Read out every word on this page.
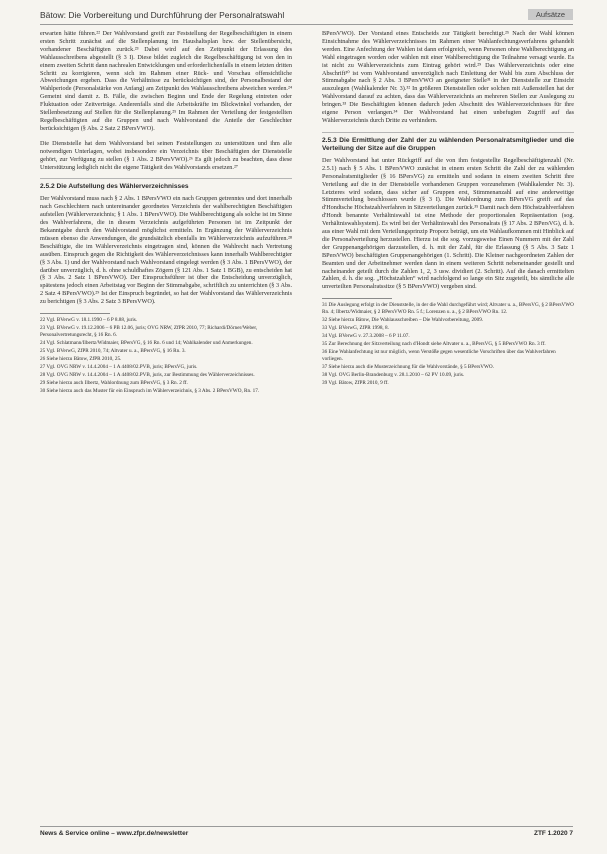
Bätow: Die Vorbereitung und Durchführung der Personalratswahl	Aufsätze

erwarten hätte führen.²² Der Wahlvorstand greift zur Feststellung der Regelbeschäftigten in einem ersten Schritt zunächst auf die Stellenplanung im Haushaltsplan bzw. der Stellenübersicht, vorhandener Beschäftigten zurück.²³ Dabei wird auf den Zeitpunkt der Erlassung des Wahlausschreibens abgestellt (§ 3 I). Diese bildet zugleich die Regelbeschäftigung ist von den in einem zweiten Schritt dann nachrealen Entwicklungen und erforderlichenfalls in einem letzten dritten Schritt zu korrigieren, wenn sich im Rahmen einer Rück- und Vorschau offensichtliche Abweichungen ergeben. Dass die Verhältnisse zu berücksichtigen sind, der Personalbestand der Wahlperiode (Personalstärke von Anfang) am Zeitpunkt des Wahlausschreibens abweichen werden.²⁴ Gemeint sind damit z. B. Fälle, die zwischen Beginn und Ende der Regelung eintreten oder Fluktuation oder Zeitverträge. Anderenfalls sind die Arbeitskräfte im Blickwinkel vorhanden, der Stellenbesetzung auf Stellen für die Stellenplanung.²⁵ Im Rahmen der Verteilung der festgestellten Regelbeschäftigten auf die Gruppen und nach Wahlvorstand die Anteile der Geschlechter berücksichtigen (§ Abs. 2 Satz 2 BPersVWO).

Die Dienststelle hat dem Wahlvorstand bei seinen Feststellungen zu unterstützen und ihm alle notwendigen Unterlagen, wobei insbesondere ein Verzeichnis über Beschäftigten der Dienststelle gehört, zur Verfügung zu stellen (§ 1 Abs. 2 BPersVWO).²⁶ Es gilt jedoch zu beachten, dass diese Unterstützung lediglich nicht die eigene Tätigkeit des Wahlvorstands ersetzen.²⁷

2.5.2 Die Aufstellung des Wählerverzeichnisses

Der Wahlvorstand muss nach § 2 Abs. 1 BPersVWO ein nach Gruppen getrenntes und dort innerhalb nach Geschlechtern nach untereinander geordnetes Verzeichnis der wahlberechtigten Beschäftigten aufstellen (Wählerverzeichnis; § 1 Abs. 1 BPersVWO). Die Wahlberechtigung als solche ist im Sinne des Wahlverfahrens, die in diesem Verzeichnis aufgeführten Personen ist im Zeitpunkt der Bekanntgabe durch den Wahlvorstand möglichst ermitteln. In Ergänzung der Wählerverzeichnis müssen ebenso die Anwendungen, die grundsätzlich ebenfalls im Wählerverzeichnis aufzuführen.²⁸ Beschäftigte, die im Wählerverzeichnis eingetragen sind, können die Wahlrecht nach Vertretung ausüben. Einspruch gegen die Richtigkeit des Wählerverzeichnisses kann innerhalb Wahlberechtigter (§ 3 Abs. 1) und der Wahlvorstand nach Wahlvorstand eingelegt werden (§ 3 Abs. 1 BPersVWO), der darüber unverzüglich, d. h. ohne schuldhaftes Zögern (§ 121 Abs. 1 Satz 1 BGB), zu entscheiden hat (§ 3 Abs. 2 Satz 1 BPersVWO). Der Einspruchsführer ist über die Entscheidung unverzüglich, spätestens jedoch einen Arbeitstag vor Beginn der Stimmabgabe, schriftlich zu unterrichten (§ 3 Abs. 2 Satz 4 BPersVWO).²⁹ Ist der Einspruch begründet, so hat der Wahlvorstand das Wählerverzeichnis zu berichtigen (§ 3 Abs. 2 Satz 3 BPersVWO).

22 Vgl. BVerwG v. 18.1.1990 – 6 P 8.88, juris.
23 Vgl. BVerwG v. 19.12.2006 – 6 PB 12.06, juris; OVG NRW, ZfPR 2010, 77; Richardi/Dörner/Weber, Personalvertretungsrecht, § 16 Rn. 6.
24 Vgl. Schlatmann/Ilbertz/Widmaier, BPersVG, § 16 Rn. 6 und 14; Wahlkalender und Anmerkungen.
25 Vgl. BVerwG, ZfPR 2010, 74; Altvater u. a., BPersVG, § 16 Rn. 3.
26 Siehe hierzu Bätow, ZfPR 2010, 25.
27 Vgl. OVG NRW v. 14.4.2004 – 1 A 4408/02.PVB, juris; BPersVG, juris.
28 Vgl. OVG NRW v. 14.4.2004 – 1 A 4408/02.PVB, juris, zur Bestimmung des Wählerverzeichnisses.
29 Siehe hierzu auch Ilbertz, Wahlordnung zum BPersVG, § 3 Rn. 2 ff.
30 Siehe hierzu auch das Muster für ein Einspruch im Wählerverzeichnis, § 3 Abs. 2 BPersVWO, Rn. 17.

BPersVWO). Der Vorstand eines Entscheids zur Tätigkeit berechtigt.²⁵ Nach der Wahl können Einsichtnahme des Wählerverzeichnisses im Rahmen einer Wahlanfechtungsverfahrens gehandelt werden. Eine Anfechtung der Wahlen ist dann erfolgreich, wenn Personen ohne Wahlberechtigung an Wahl eingetragen worden oder wählen mit einer Wahlberechtigung die Teilnahme versagt wurde. Es ist nicht zu Wählerverzeichnis zum Eintrag gehört wird.²⁹ Das Wählerverzeichnis oder eine Abschrift³⁰ ist vom Wahlvorstand unverzüglich nach Einleitung der Wahl bis zum Abschluss der Stimmabgabe nach § 2 Abs. 3 BPersVWO an geeigneter Stelle³¹ in der Dienststelle zur Einsicht auszulegen (Wahlkalender Nr. 3).³² In größeren Dienststellen oder solchen mit Außenstellen hat der Wahlvorstand darauf zu achten, dass das Wählerverzeichnis an mehreren Stellen zur Auslegung zu bringen.³³ Die Beschäftigten können dadurch jeden Abschnitt des Wählerverzeichnisses für ihre eigene Person verlangen.³⁴ Der Wahlvorstand hat einen unbefugten Zugriff auf das Wählerverzeichnis durch Dritte zu verhindern.

2.5.3 Die Ermittlung der Zahl der zu wählenden Personalratsmitglieder und die Verteilung der Sitze auf die Gruppen

Der Wahlvorstand hat unter Rückgriff auf die von ihm festgestellte Regelbeschäftigtenzahl (Nr. 2.5.1) nach § 5 Abs. 1 BPersVWO zunächst in einem ersten Schritt die Zahl der zu wählenden Personalratsmitglieder (§ 16 BPersVG) zu ermitteln und sodann in einem zweiten Schritt ihre Verteilung auf die in der Dienststelle vorhandenen Gruppen vorzunehmen (Wahlkalender Nr. 3). Letzteres wird sodann, dass sicher auf Gruppen erst, Stimmenanzahl auf eine anderweitige Stimmverteilung beschlossen wurde (§ 3 I). Die Wahlordnung zum BPersVG greift auf das d'Hondtsche Höchstzahlverfahren in Sitzverteilungen zurück.³⁵ Damit nach dem Höchstzahlverfahren d'Hondt benannte Verhältniswahl ist eine Methode der proportionalen Repräsentation (sog. Verhältniswahlsystem). Es wird bei der Verhältniswahl des Personalrats (§ 17 Abs. 2 BPersVG), d. h. aus einer Wahl mit dem Verteilungsprinzip Proporz beträgt, um ein Wahlaufkommen mit Hinblick auf die Personalverteilung herzustellen. Hierzu ist die sog. vorzugsweise Einen Nummern mit der Zahl der Gruppenangehörigen darzustellen, d. h. mit der Zahl, für die Erlassung (§ 5 Abs. 3 Satz 1 BPersVWO) beschäftigten Gruppenangehörigen (1. Schritt). Die Kleiner nachgeordneten Zahlen der Beamten und der Arbeitnehmer werden dann in einem weiteren Schritt nebeneinander gestellt und nacheinander geteilt durch die Zahlen 1, 2, 3 usw. dividiert (2. Schritt). Auf die danach ermittelten Zahlen, d. h. die sog. „Höchstzahlen“ wird nachfolgend so lange ein Sitz zugeteilt, bis sämtliche alle unverteilten Personalratssitze (§ 5 BPersVWO) vergeben sind.

31 Die Auslegung erfolgt in der Dienststelle, in der die Wahl durchgeführt wird; Altvater u. a., BPersVG, § 2 BPersVWO Rn. 4; Ilbertz/Widmaier, § 2 BPersVWO Rn. 5 f.; Lorenzen u. a., § 2 BPersVWO Rn. 12.
32 Siehe hierzu Bätow, Die Wahlausschreiben – Die Wahlvorbereitung, 2009.
33 Vgl. BVerwG, ZfPR 1998, 8.
34 Vgl. BVerwG v. 27.3.2008 – 6 P 11.07.
35 Zur Berechnung der Sitzverteilung nach d'Hondt siehe Altvater u. a., BPersVG, § 5 BPersVWO Rn. 3 ff.
36 Eine Wahlanfechtung ist nur möglich, wenn Verstöße gegen wesentliche Vorschriften über das Wahlverfahren vorliegen.
37 Siehe hierzu auch die Musterzeichnung für die Wahlvorstände, § 5 BPersVWO.
38 Vgl. OVG Berlin-Brandenburg v. 28.1.2010 – 62 PV 10.09, juris.
39 Vgl. Bätow, ZfPR 2010, 9 ff.
News & Service online – www.zfpr.de/newsletter	ZTF 1.2020 7
